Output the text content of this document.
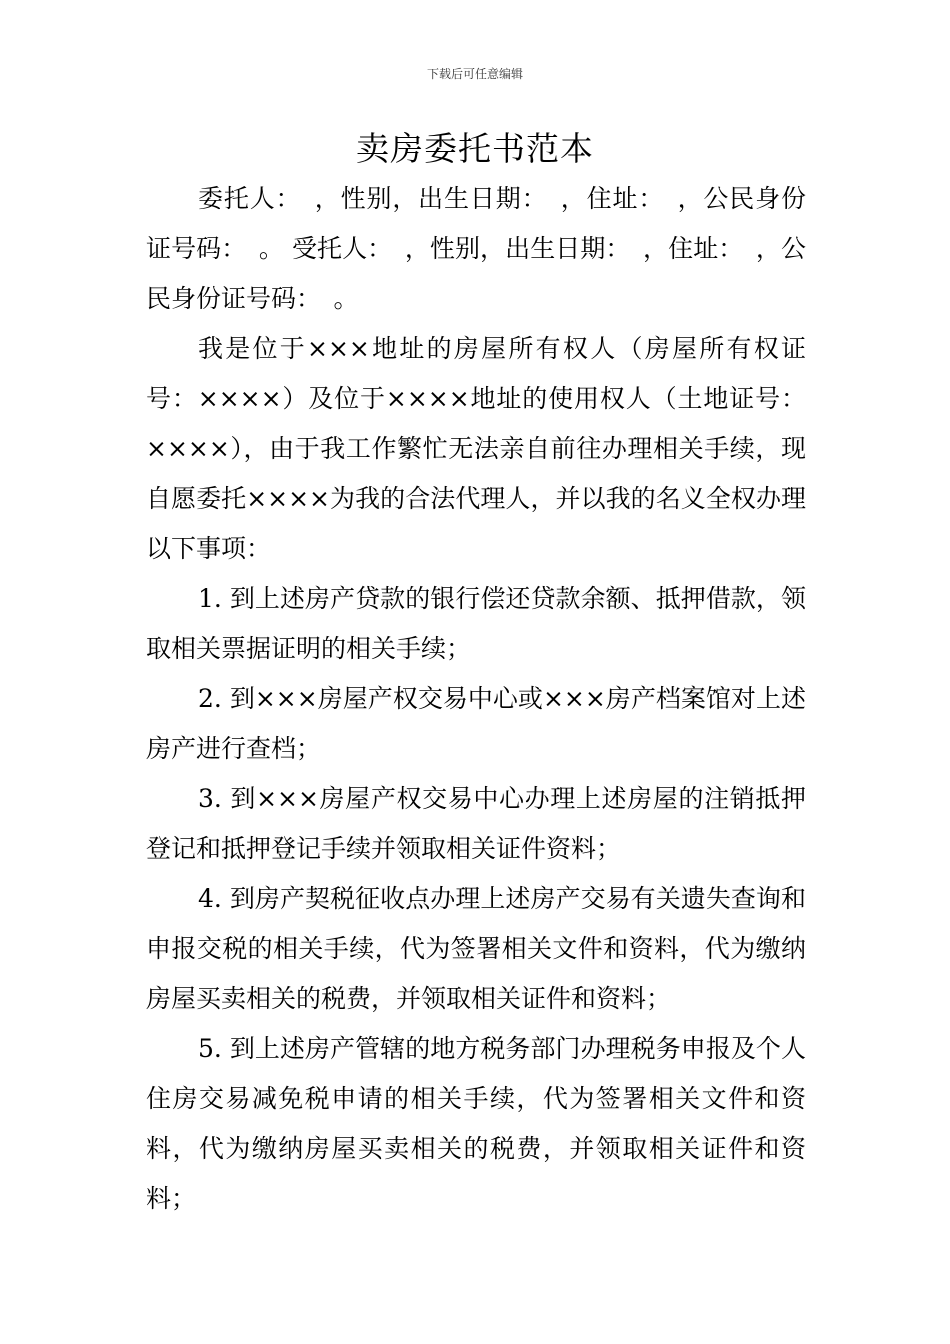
下载后可任意编辑
卖房委托书范本

委托人：　，性别，出生日期：　，住址：　，公民身份证号码：　。 受托人：　，性别，出生日期：　，住址：　，公民身份证号码：　。

我是位于×××地址的房屋所有权人（房屋所有权证号：××××）及位于××××地址的使用权人（土地证号：××××），由于我工作繁忙无法亲自前往办理相关手续，现自愿委托××××为我的合法代理人，并以我的名义全权办理以下事项：

1. 到上述房产贷款的银行偿还贷款余额、抵押借款，领取相关票据证明的相关手续；

2. 到×××房屋产权交易中心或×××房产档案馆对上述房产进行查档；

3. 到×××房屋产权交易中心办理上述房屋的注销抵押登记和抵押登记手续并领取相关证件资料；

4. 到房产契税征收点办理上述房产交易有关遗失查询和申报交税的相关手续，代为签署相关文件和资料，代为缴纳房屋买卖相关的税费，并领取相关证件和资料；

5. 到上述房产管辖的地方税务部门办理税务申报及个人住房交易减免税申请的相关手续，代为签署相关文件和资料，代为缴纳房屋买卖相关的税费，并领取相关证件和资料；
